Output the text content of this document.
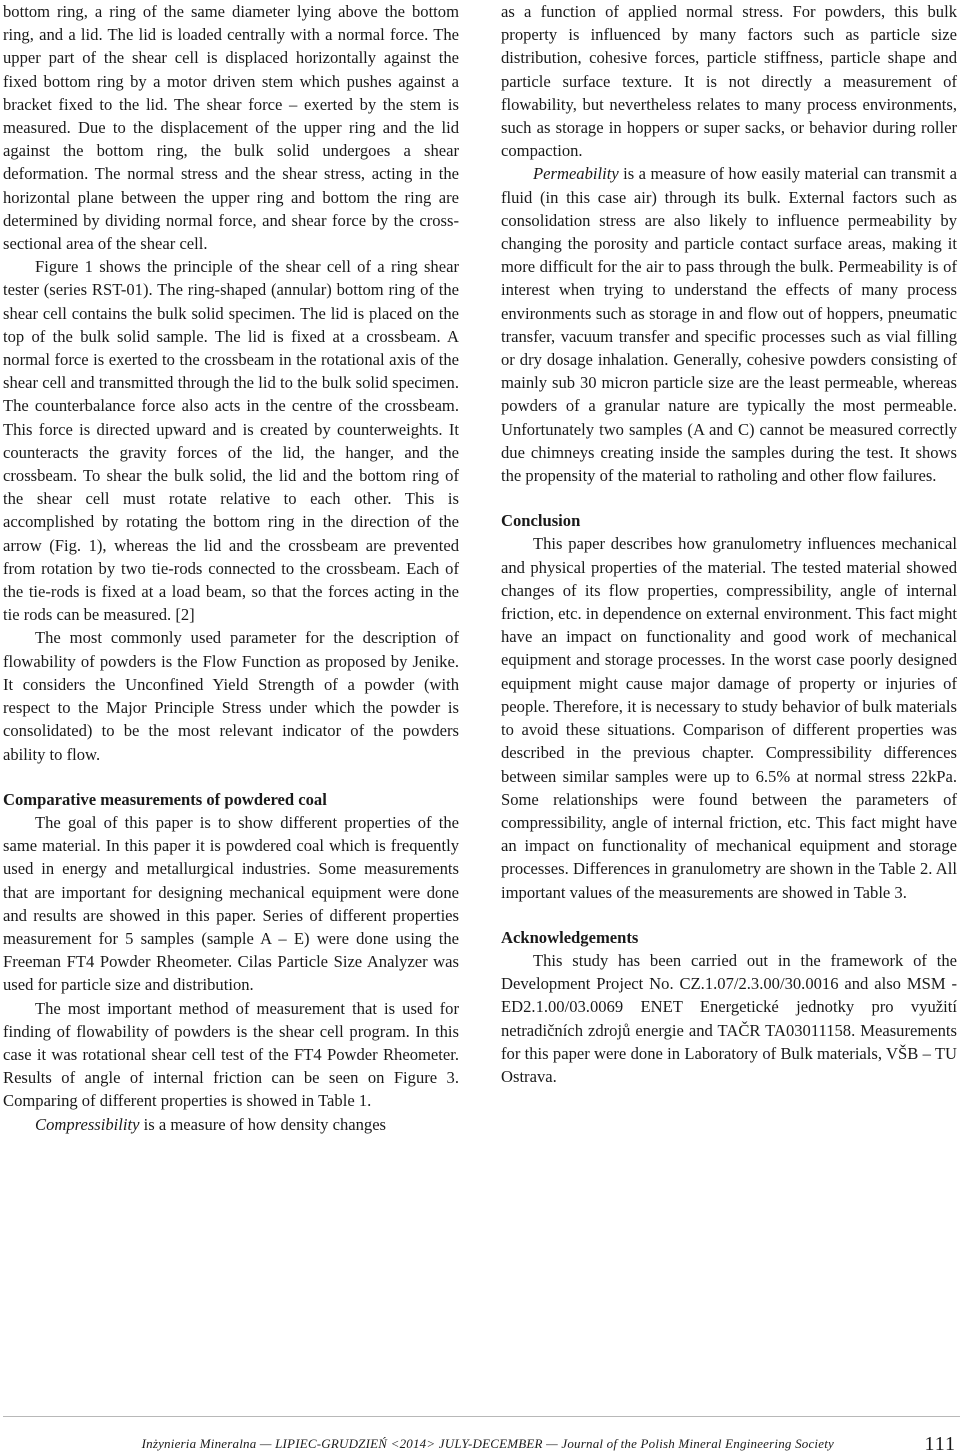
bottom ring, a ring of the same diameter lying above the bottom ring, and a lid. The lid is loaded centrally with a normal force. The upper part of the shear cell is displaced horizontally against the fixed bottom ring by a motor driven stem which pushes against a bracket fixed to the lid. The shear force – exerted by the stem is measured. Due to the displacement of the upper ring and the lid against the bottom ring, the bulk solid undergoes a shear deformation. The normal stress and the shear stress, acting in the horizontal plane between the upper ring and bottom the ring are determined by dividing normal force, and shear force by the cross-sectional area of the shear cell.

Figure 1 shows the principle of the shear cell of a ring shear tester (series RST-01). The ring-shaped (annular) bottom ring of the shear cell contains the bulk solid specimen. The lid is placed on the top of the bulk solid sample. The lid is fixed at a crossbeam. A normal force is exerted to the crossbeam in the rotational axis of the shear cell and transmitted through the lid to the bulk solid specimen. The counterbalance force also acts in the centre of the crossbeam. This force is directed upward and is created by counterweights. It counteracts the gravity forces of the lid, the hanger, and the crossbeam. To shear the bulk solid, the lid and the bottom ring of the shear cell must rotate relative to each other. This is accomplished by rotating the bottom ring in the direction of the arrow (Fig. 1), whereas the lid and the crossbeam are prevented from rotation by two tie-rods connected to the crossbeam. Each of the tie-rods is fixed at a load beam, so that the forces acting in the tie rods can be measured. [2]

The most commonly used parameter for the description of flowability of powders is the Flow Function as proposed by Jenike. It considers the Unconfined Yield Strength of a powder (with respect to the Major Principle Stress under which the powder is consolidated) to be the most relevant indicator of the powders ability to flow.

Comparative measurements of powdered coal

The goal of this paper is to show different properties of the same material. In this paper it is powdered coal which is frequently used in energy and metallurgical industries. Some measurements that are important for designing mechanical equipment were done and results are showed in this paper. Series of different properties measurement for 5 samples (sample A – E) were done using the Freeman FT4 Powder Rheometer. Cilas Particle Size Analyzer was used for particle size and distribution.

The most important method of measurement that is used for finding of flowability of powders is the shear cell program. In this case it was rotational shear cell test of the FT4 Powder Rheometer. Results of angle of internal friction can be seen on Figure 3. Comparing of different properties is showed in Table 1.

Compressibility is a measure of how density changes

as a function of applied normal stress. For powders, this bulk property is influenced by many factors such as particle size distribution, cohesive forces, particle stiffness, particle shape and particle surface texture. It is not directly a measurement of flowability, but nevertheless relates to many process environments, such as storage in hoppers or super sacks, or behavior during roller compaction.

Permeability is a measure of how easily material can transmit a fluid (in this case air) through its bulk. External factors such as consolidation stress are also likely to influence permeability by changing the porosity and particle contact surface areas, making it more difficult for the air to pass through the bulk. Permeability is of interest when trying to understand the effects of many process environments such as storage in and flow out of hoppers, pneumatic transfer, vacuum transfer and specific processes such as vial filling or dry dosage inhalation. Generally, cohesive powders consisting of mainly sub 30 micron particle size are the least permeable, whereas powders of a granular nature are typically the most permeable. Unfortunately two samples (A and C) cannot be measured correctly due chimneys creating inside the samples during the test. It shows the propensity of the material to ratholing and other flow failures.

Conclusion

This paper describes how granulometry influences mechanical and physical properties of the material. The tested material showed changes of its flow properties, compressibility, angle of internal friction, etc. in dependence on external environment. This fact might have an impact on functionality and good work of mechanical equipment and storage processes. In the worst case poorly designed equipment might cause major damage of property or injuries of people. Therefore, it is necessary to study behavior of bulk materials to avoid these situations. Comparison of different properties was described in the previous chapter. Compressibility differences between similar samples were up to 6.5% at normal stress 22kPa. Some relationships were found between the parameters of compressibility, angle of internal friction, etc. This fact might have an impact on functionality of mechanical equipment and storage processes. Differences in granulometry are shown in the Table 2. All important values of the measurements are showed in Table 3.

Acknowledgements

This study has been carried out in the framework of the Development Project No. CZ.1.07/2.3.00/30.0016 and also MSM - ED2.1.00/03.0069 ENET Energetické jednotky pro využití netradičních zdrojů energie and TAČR TA03011158. Measurements for this paper were done in Laboratory of Bulk materials, VŠB – TU Ostrava.

Inżynieria Mineralna — LIPIEC-GRUDZIEŃ <2014> JULY-DECEMBER — Journal of the Polish Mineral Engineering Society	111
